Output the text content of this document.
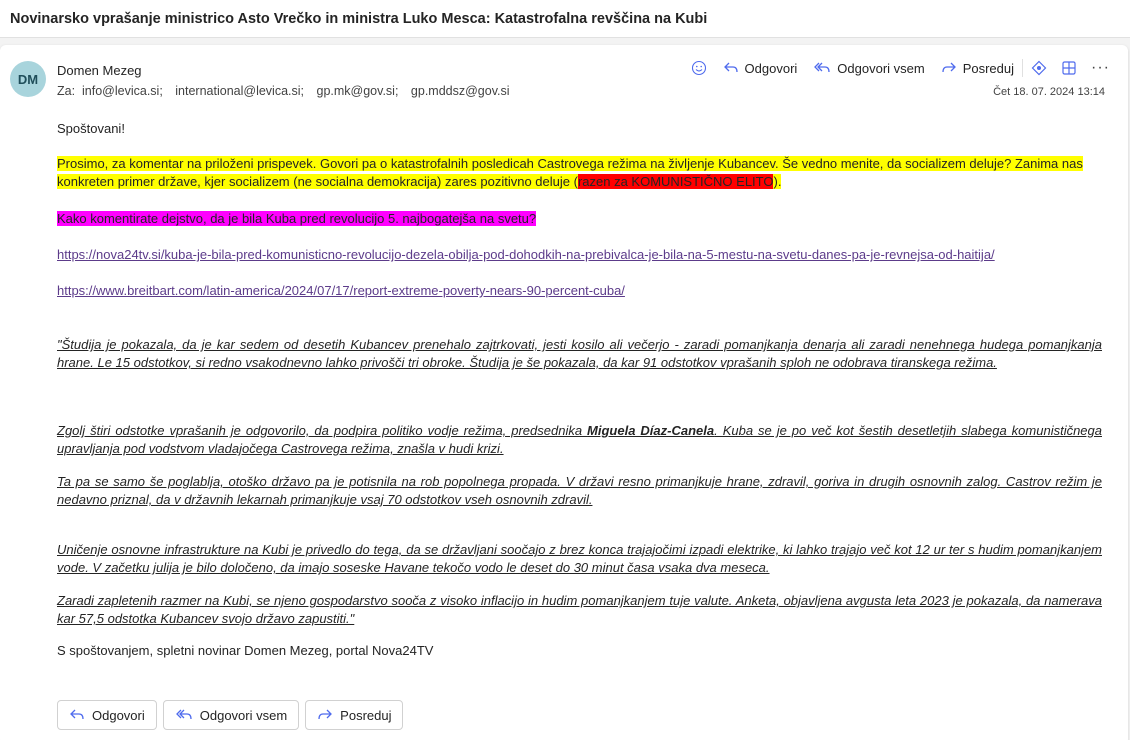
Novinarsko vprašanje ministrico Asto Vrečko in ministra Luko Mesca: Katastrofalna revščina na Kubi
DM
Domen Mezeg
Za: info@levica.si; international@levica.si; gp.mk@gov.si; gp.mddsz@gov.si
Odgovori	Odgovori vsem	Posreduj	···
Čet 18. 07. 2024 13:14

Spoštovani!

Prosimo, za komentar na priloženi prispevek. Govori pa o katastrofalnih posledicah Castrovega režima na življenje Kubancev. Še vedno menite, da socializem deluje? Zanima nas konkreten primer države, kjer socializem (ne socialna demokracija) zares pozitivno deluje (razen za KOMUNISTIČNO ELITO).

Kako komentirate dejstvo, da je bila Kuba pred revolucijo 5. najbogatejša na svetu?

https://nova24tv.si/kuba-je-bila-pred-komunisticno-revolucijo-dezela-obilja-pod-dohodkih-na-prebivalca-je-bila-na-5-mestu-na-svetu-danes-pa-je-revnejsa-od-haitija/

https://www.breitbart.com/latin-america/2024/07/17/report-extreme-poverty-nears-90-percent-cuba/

"Študija je pokazala, da je kar sedem od desetih Kubancev prenehalo zajtrkovati, jesti kosilo ali večerjo - zaradi pomanjkanja denarja ali zaradi nenehnega hudega pomanjkanja hrane. Le 15 odstotkov, si redno vsakodnevno lahko privošči tri obroke. Študija je še pokazala, da kar 91 odstotkov vprašanih sploh ne odobrava tiranskega režima.

Zgolj štiri odstotke vprašanih je odgovorilo, da podpira politiko vodje režima, predsednika Miguela Díaz-Canela. Kuba se je po več kot šestih desetletjih slabega komunističnega upravljanja pod vodstvom vladajočega Castrovega režima, znašla v hudi krizi.

Ta pa se samo še poglablja, otoško državo pa je potisnila na rob popolnega propada. V državi resno primanjkuje hrane, zdravil, goriva in drugih osnovnih zalog. Castrov režim je nedavno priznal, da v državnih lekarnah primanjkuje vsaj 70 odstotkov vseh osnovnih zdravil.

Uničenje osnovne infrastrukture na Kubi je privedlo do tega, da se državljani soočajo z brez konca trajajočimi izpadi elektrike, ki lahko trajajo več kot 12 ur ter s hudim pomanjkanjem vode. V začetku julija je bilo določeno, da imajo soseske Havane tekočo vodo le deset do 30 minut časa vsaka dva meseca.

Zaradi zapletenih razmer na Kubi, se njeno gospodarstvo sooča z visoko inflacijo in hudim pomanjkanjem tuje valute. Anketa, objavljena avgusta leta 2023 je pokazala, da namerava kar 57,5 odstotka Kubancev svojo državo zapustiti."

S spoštovanjem, spletni novinar Domen Mezeg, portal Nova24TV

Odgovori	Odgovori vsem	Posreduj
